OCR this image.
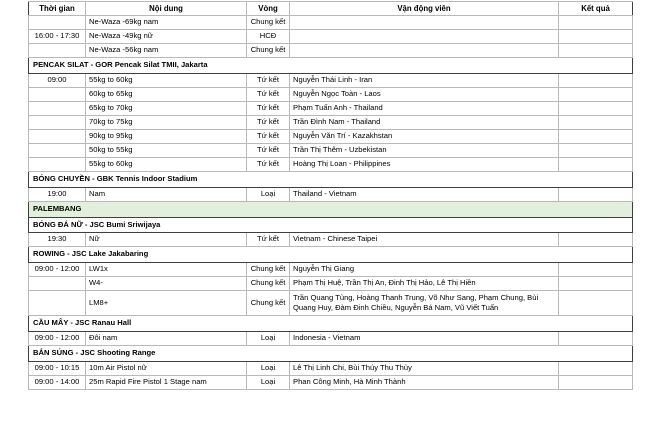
Thời gian	Nội dung	Vòng	Vận động viên	Kết quả
	Ne-Waza -69kg nam	Chung kết		
16:00 - 17:30	Ne-Waza -49kg nữ	HCĐ		
	Ne-Waza -56kg nam	Chung kết		
PENCAK SILAT - GOR Pencak Silat TMII, Jakarta				
09:00	55kg to 60kg	Tứ kết	Nguyễn Thái Linh - Iran	
	60kg to 65kg	Tứ kết	Nguyễn Ngọc Toàn - Laos	
	65kg to 70kg	Tứ kết	Phạm Tuấn Anh - Thailand	
	70kg to 75kg	Tứ kết	Trần Đình Nam - Thailand	
	90kg to 95kg	Tứ kết	Nguyễn Văn Trí - Kazakhstan	
	50kg to 55kg	Tứ kết	Trần Thị Thêm - Uzbekistan	
	55kg to 60kg	Tứ kết	Hoàng Thị Loan - Philippines	
BÓNG CHUYỀN - GBK Tennis Indoor Stadium				
19:00	Nam	Loại	Thailand - Vietnam	
PALEMBANG				
BÓNG ĐÁ NỮ - JSC Bumi Sriwijaya				
19:30	Nữ	Tứ kết	Vietnam - Chinese Taipei	
ROWING - JSC Lake Jakabaring				
09:00 - 12:00	LW1x	Chung kết	Nguyễn Thị Giang	
	W4-	Chung kết	Phạm Thị Huệ, Trần Thị An, Đinh Thị Hảo, Lê Thị Hiền	
	LM8+	Chung kết	Trần Quang Tùng, Hoàng Thanh Trung, Võ Như Sang, Phạm Chung, Bùi Quang Huy, Đàm Đinh Chiều, Nguyễn Bá Nam, Vũ Viết Tuấn	
CẦU MÂY - JSC Ranau Hall				
09:00 - 12:00	Đôi nam	Loại	Indonesia - Vietnam	
BẮN SÚNG - JSC Shooting Range				
09:00 - 10:15	10m Air Pistol nữ	Loại	Lê Thị Linh Chi, Bùi Thúy Thu Thủy	
09:00 - 14:00	25m Rapid Fire Pistol 1 Stage nam	Loại	Phan Công Minh, Hà Minh Thành	
